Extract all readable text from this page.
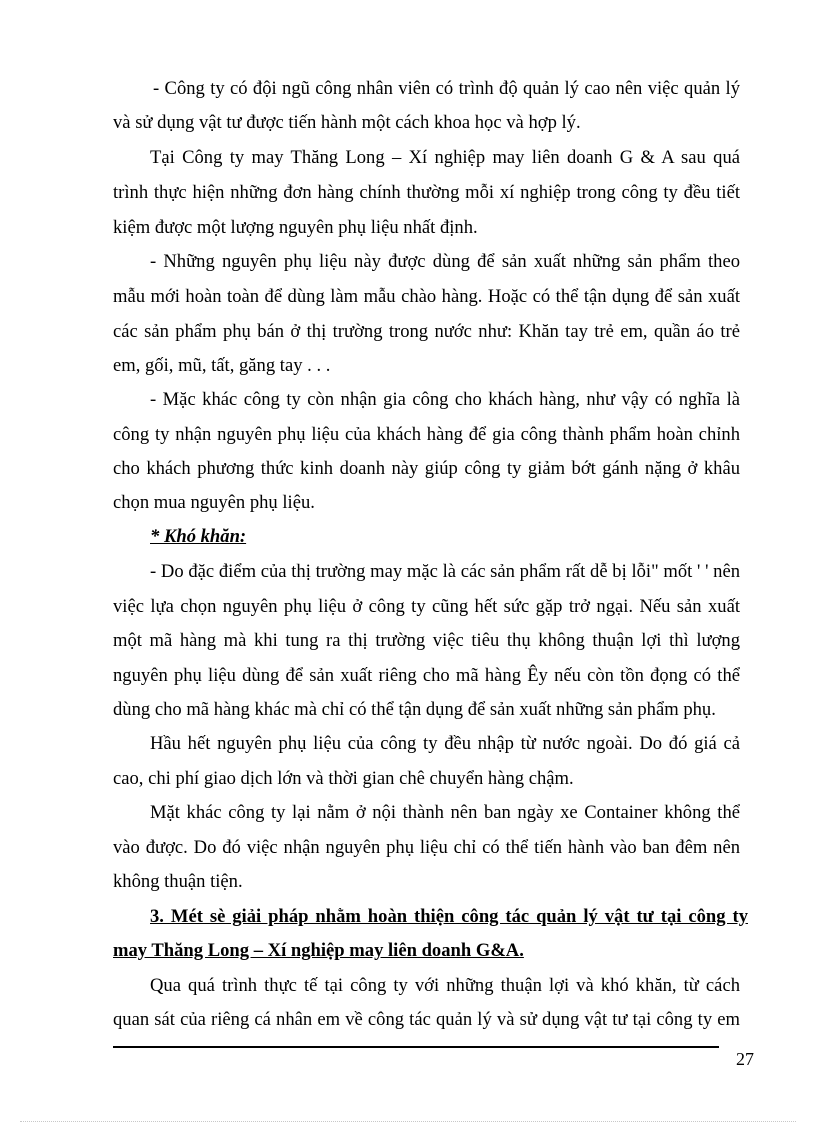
- Công ty có đội ngũ công nhân viên có trình độ quản lý cao nên việc quản lý
và sử dụng vật tư được tiến hành một cách khoa học và hợp lý.
Tại Công ty may Thăng Long – Xí nghiệp may liên doanh G & A sau quá
trình thực hiện những đơn hàng chính thường mỗi xí nghiệp trong công ty đều tiết
kiệm được một lượng nguyên phụ liệu nhất định.
- Những nguyên phụ liệu này được dùng để sản xuất những sản phẩm theo
mẫu mới hoàn toàn để dùng làm mẫu chào hàng. Hoặc có thể tận dụng để sản xuất
các sản phẩm phụ bán ở thị trường trong nước như: Khăn tay trẻ em, quần áo trẻ
em, gối, mũ, tất, găng tay . . .
- Mặc khác công ty còn nhận gia công cho khách hàng, như vậy có nghĩa là
công ty nhận nguyên phụ liệu của khách hàng để gia công thành phẩm hoàn chỉnh
cho khách phương thức kinh doanh này giúp công ty giảm bớt gánh nặng ở khâu
chọn mua nguyên phụ liệu.
* Khó khăn:
- Do đặc điểm của thị trường may mặc là các sản phẩm rất dễ bị lỗi" mốt ' ' nên
việc lựa chọn nguyên phụ liệu ở công ty cũng hết sức gặp trở ngại. Nếu sản xuất
một mã hàng mà khi tung ra thị trường việc tiêu thụ không thuận lợi thì lượng
nguyên phụ liệu dùng để sản xuất riêng cho mã hàng Êy nếu còn tồn đọng có thể
dùng cho mã hàng khác mà chỉ có thể tận dụng để sản xuất những sản phẩm phụ.
Hầu hết nguyên phụ liệu của công ty đều nhập từ nước ngoài. Do đó giá cả
cao, chi phí giao dịch lớn và thời gian chê chuyển hàng chậm.
Mặt khác công ty lại nằm ở nội thành nên ban ngày xe Container không thể
vào được. Do đó việc nhận nguyên phụ liệu chỉ có thể tiến hành vào ban đêm nên
không thuận tiện.
3. Mét sè giải pháp nhằm hoàn thiện công tác quản lý vật tư tại công ty
may Thăng Long – Xí nghiệp may liên doanh G&A.
Qua quá trình thực tế tại công ty với những thuận lợi và khó khăn, từ cách
quan sát của riêng cá nhân em về công tác quản lý và sử dụng vật tư tại công ty em
27
